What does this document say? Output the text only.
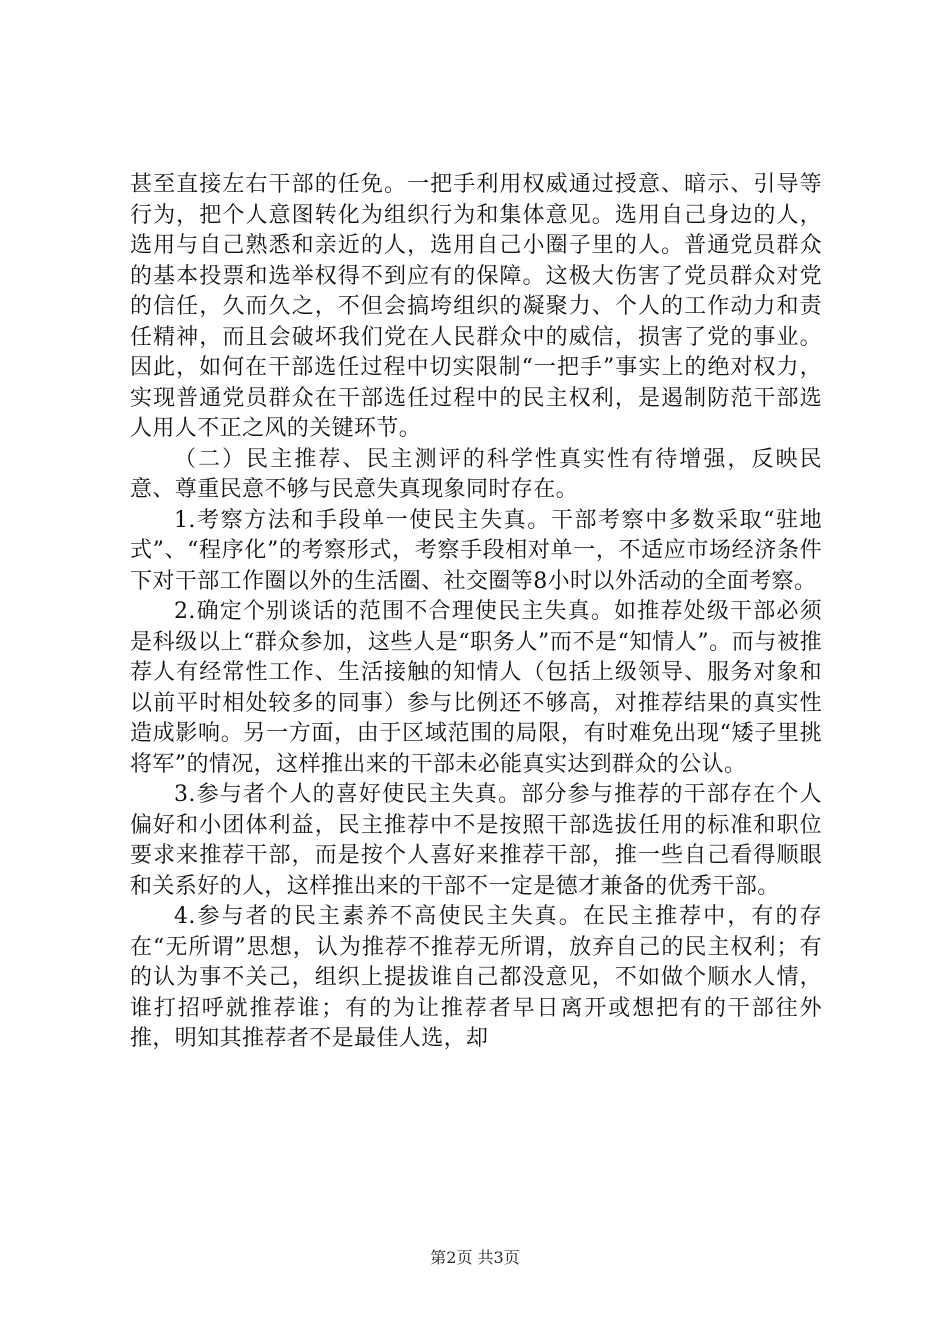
甚至直接左右干部的任免。一把手利用权威通过授意、暗示、引导等行为，把个人意图转化为组织行为和集体意见。选用自己身边的人，选用与自己熟悉和亲近的人，选用自己小圈子里的人。普通党员群众的基本投票和选举权得不到应有的保障。这极大伤害了党员群众对党的信任，久而久之，不但会搞垮组织的凝聚力、个人的工作动力和责任精神，而且会破坏我们党在人民群众中的威信，损害了党的事业。因此，如何在干部选任过程中切实限制“一把手”事实上的绝对权力，实现普通党员群众在干部选任过程中的民主权利，是遏制防范干部选人用人不正之风的关键环节。

（二）民主推荐、民主测评的科学性真实性有待增强，反映民意、尊重民意不够与民意失真现象同时存在。

1.考察方法和手段单一使民主失真。干部考察中多数采取“驻地式”、“程序化”的考察形式，考察手段相对单一，不适应市场经济条件下对干部工作圈以外的生活圈、社交圈等8小时以外活动的全面考察。

2.确定个别谈话的范围不合理使民主失真。如推荐处级干部必须是科级以上“群众参加，这些人是“职务人”而不是“知情人”。而与被推荐人有经常性工作、生活接触的知情人（包括上级领导、服务对象和以前平时相处较多的同事）参与比例还不够高，对推荐结果的真实性造成影响。另一方面，由于区域范围的局限，有时难免出现“矮子里挑将军”的情况，这样推出来的干部未必能真实达到群众的公认。

3.参与者个人的喜好使民主失真。部分参与推荐的干部存在个人偏好和小团体利益，民主推荐中不是按照干部选拔任用的标准和职位要求来推荐干部，而是按个人喜好来推荐干部，推一些自己看得顺眼和关系好的人，这样推出来的干部不一定是德才兼备的优秀干部。

4.参与者的民主素养不高使民主失真。在民主推荐中，有的存在“无所谓”思想，认为推荐不推荐无所谓，放弃自己的民主权利；有的认为事不关己，组织上提拔谁自己都没意见，不如做个顺水人情，谁打招呼就推荐谁；有的为让推荐者早日离开或想把有的干部往外推，明知其推荐者不是最佳人选，却

第2页 共3页
